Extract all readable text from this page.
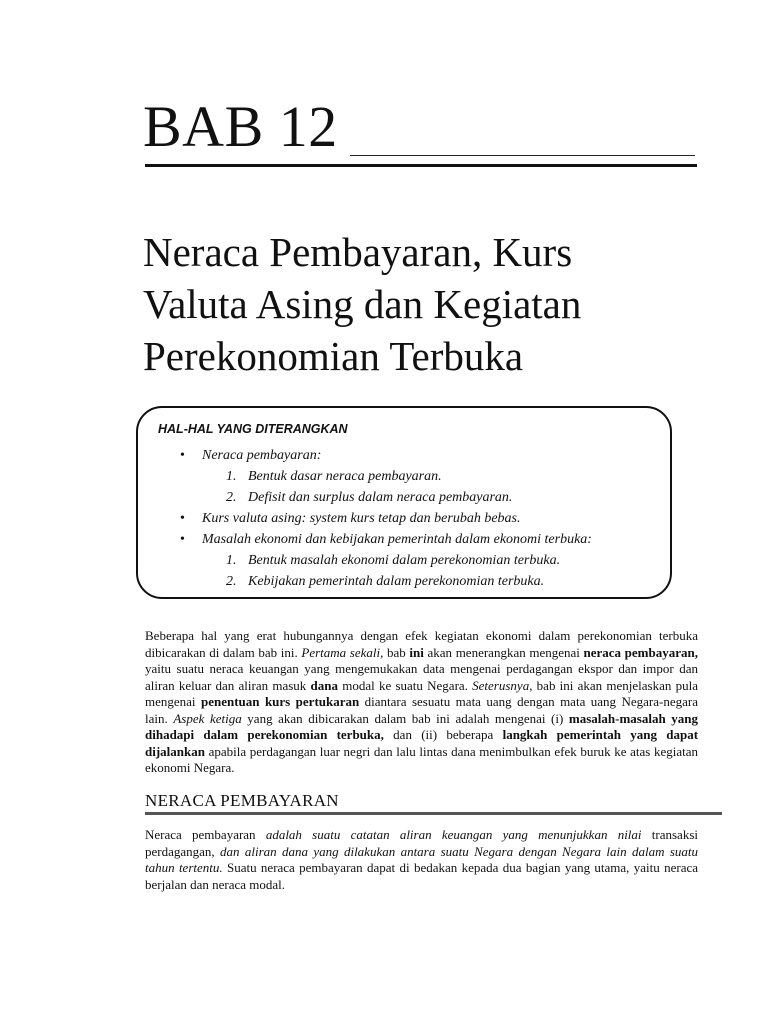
BAB 12
Neraca Pembayaran, Kurs
Valuta Asing dan Kegiatan
Perekonomian Terbuka

HAL-HAL YANG DITERANGKAN

• Neraca pembayaran:
1. Bentuk dasar neraca pembayaran.
2. Defisit dan surplus dalam neraca pembayaran.
• Kurs valuta asing: system kurs tetap dan berubah bebas.
• Masalah ekonomi dan kebijakan pemerintah dalam ekonomi terbuka:
1. Bentuk masalah ekonomi dalam perekonomian terbuka.
2. Kebijakan pemerintah dalam perekonomian terbuka.

Beberapa hal yang erat hubungannya dengan efek kegiatan ekonomi dalam perekonomian terbuka dibicarakan di dalam bab ini. Pertama sekali, bab ini akan menerangkan mengenai neraca pembayaran, yaitu suatu neraca keuangan yang mengemukakan data mengenai perdagangan ekspor dan impor dan aliran keluar dan aliran masuk dana modal ke suatu Negara. Seterusnya, bab ini akan menjelaskan pula mengenai penentuan kurs pertukaran diantara sesuatu mata uang dengan mata uang Negara-negara lain. Aspek ketiga yang akan dibicarakan dalam bab ini adalah mengenai (i) masalah-masalah yang dihadapi dalam perekonomian terbuka, dan (ii) beberapa langkah pemerintah yang dapat dijalankan apabila perdagangan luar negri dan lalu lintas dana menimbulkan efek buruk ke atas kegiatan ekonomi Negara.

NERACA PEMBAYARAN

Neraca pembayaran adalah suatu catatan aliran keuangan yang menunjukkan nilai transaksi perdagangan, dan aliran dana yang dilakukan antara suatu Negara dengan Negara lain dalam suatu tahun tertentu. Suatu neraca pembayaran dapat di bedakan kepada dua bagian yang utama, yaitu neraca berjalan dan neraca modal.
